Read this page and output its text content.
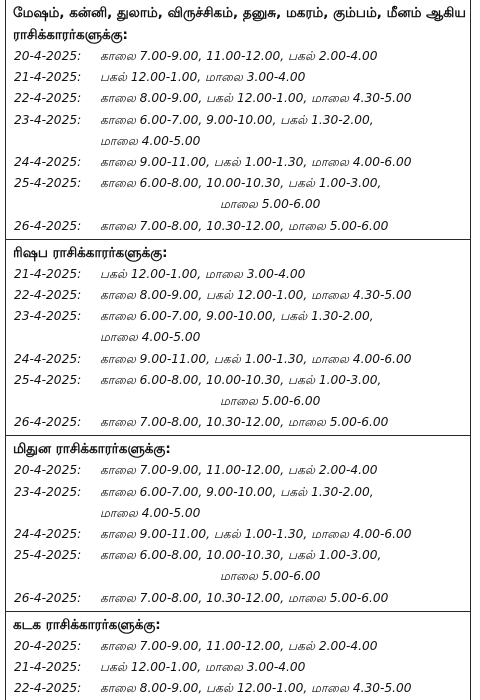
மேஷம், கன்னி, துலாம், விருச்சிகம், தனுசு, மகரம், கும்பம், மீனம் ஆகிய ராசிக்காரர்களுக்கு:
20-4-2025: காலை 7.00-9.00, 11.00-12.00, பகல் 2.00-4.00
21-4-2025: பகல் 12.00-1.00, மாலை 3.00-4.00
22-4-2025: காலை 8.00-9.00, பகல் 12.00-1.00, மாலை 4.30-5.00
23-4-2025: காலை 6.00-7.00, 9.00-10.00, பகல் 1.30-2.00,
மாலை 4.00-5.00
24-4-2025: காலை 9.00-11.00, பகல் 1.00-1.30, மாலை 4.00-6.00
25-4-2025: காலை 6.00-8.00, 10.00-10.30, பகல் 1.00-3.00,
மாலை 5.00-6.00
26-4-2025: காலை 7.00-8.00, 10.30-12.00, மாலை 5.00-6.00
ரிஷப ராசிக்காரர்களுக்கு:
21-4-2025: பகல் 12.00-1.00, மாலை 3.00-4.00
22-4-2025: காலை 8.00-9.00, பகல் 12.00-1.00, மாலை 4.30-5.00
23-4-2025: காலை 6.00-7.00, 9.00-10.00, பகல் 1.30-2.00,
மாலை 4.00-5.00
24-4-2025: காலை 9.00-11.00, பகல் 1.00-1.30, மாலை 4.00-6.00
25-4-2025: காலை 6.00-8.00, 10.00-10.30, பகல் 1.00-3.00,
மாலை 5.00-6.00
26-4-2025: காலை 7.00-8.00, 10.30-12.00, மாலை 5.00-6.00
மிதுன ராசிக்காரர்களுக்கு:
20-4-2025: காலை 7.00-9.00, 11.00-12.00, பகல் 2.00-4.00
23-4-2025: காலை 6.00-7.00, 9.00-10.00, பகல் 1.30-2.00,
மாலை 4.00-5.00
24-4-2025: காலை 9.00-11.00, பகல் 1.00-1.30, மாலை 4.00-6.00
25-4-2025: காலை 6.00-8.00, 10.00-10.30, பகல் 1.00-3.00,
மாலை 5.00-6.00
26-4-2025: காலை 7.00-8.00, 10.30-12.00, மாலை 5.00-6.00
கடக ராசிக்காரர்களுக்கு:
20-4-2025: காலை 7.00-9.00, 11.00-12.00, பகல் 2.00-4.00
21-4-2025: பகல் 12.00-1.00, மாலை 3.00-4.00
22-4-2025: காலை 8.00-9.00, பகல் 12.00-1.00, மாலை 4.30-5.00
